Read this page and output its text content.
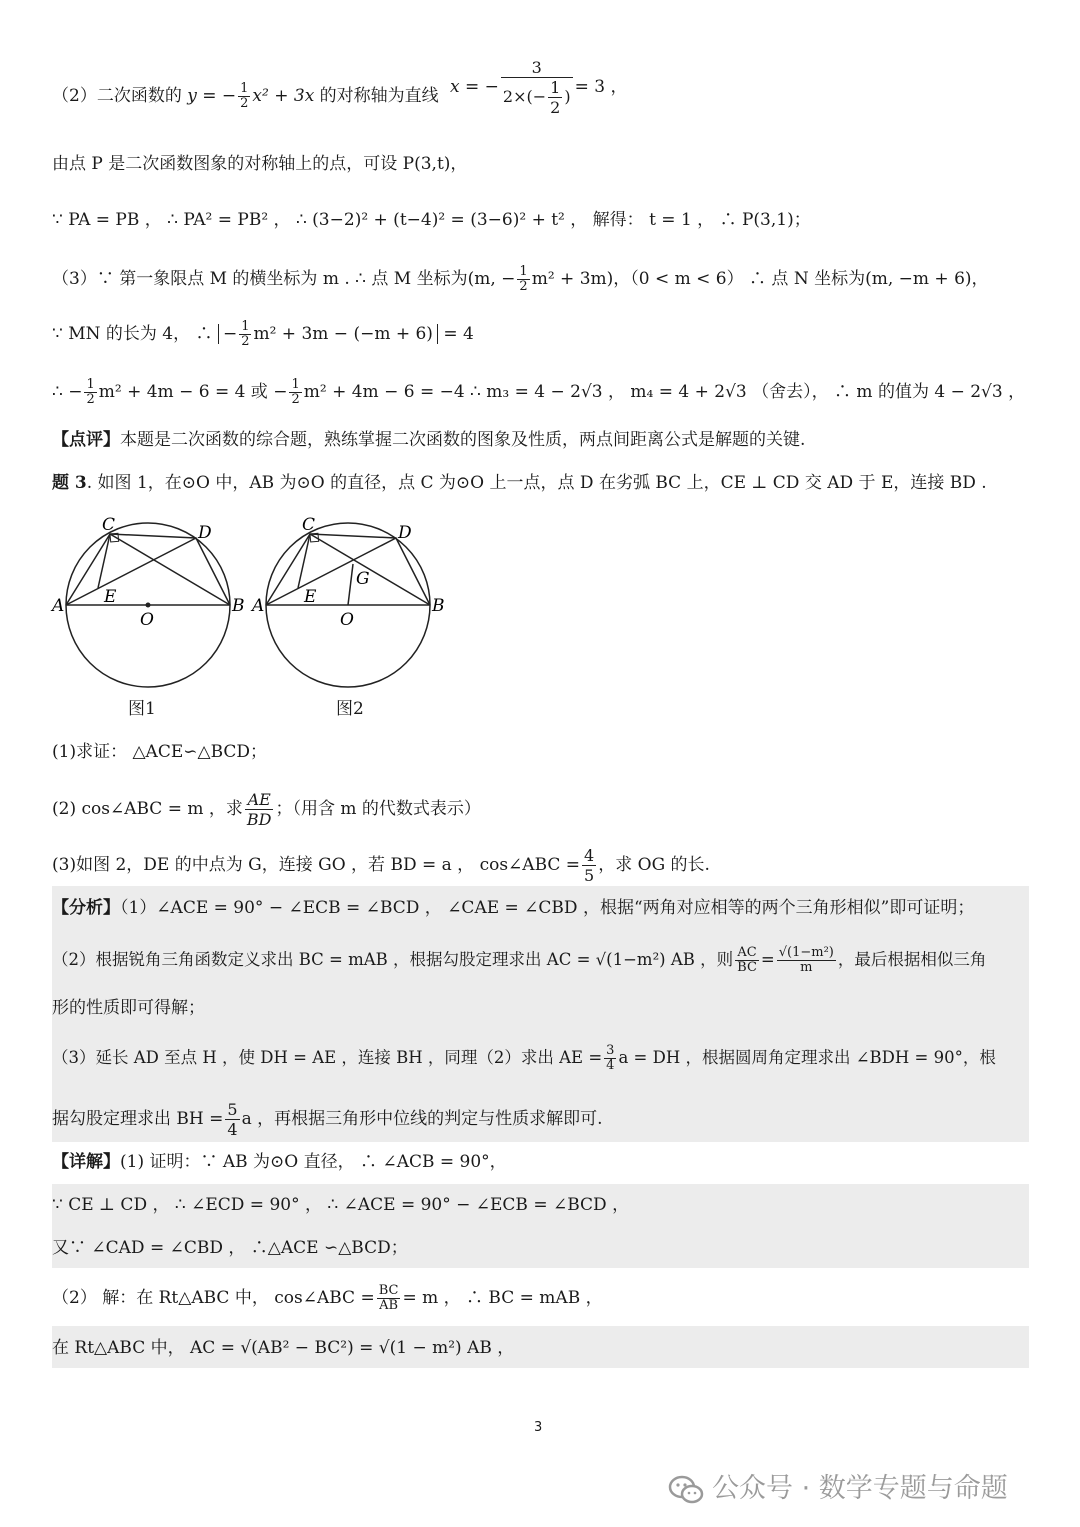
（2）二次函数的 y = − $\frac{1}{2} x^2 + 3x$ 的对称轴为直线 x = − $\frac{3}{2\times(- \frac{1}{2} )} = 3$ ，
由点 P 是二次函数图象的对称轴上的点，可设 P(3,t)，
∵ PA = PB ， ∴ PA² = PB² ， ∴ (3−2)² + (t−4)² = (3−6)² + t² ， 解得： t = 1 ， ∴ P(3,1)；
（3）∵ 第一象限点 M 的横坐标为 m . ∴ 点 M 坐标为(m, − $\frac{1}{2} m^2 + 3m$)，（0 < m < 6） ∴ 点 N 坐标为(m, −m + 6)，
∵ MN 的长为 4， ∴ − $\frac{1}{2} m^2 + 3m - (-m + 6) = 4$
∴ − $\frac{1}{2} m^2 + 4m - 6 = 4$ 或 − $\frac{1}{2} m^2 + 4m - 6 = -4$ ∴ m₃ = 4 − 2√3 ， m₄ = 4 + 2√3 （舍去）， ∴ m 的值为 4 − 2√3 ，
【点评】本题是二次函数的综合题，熟练掌握二次函数的图象及性质，两点间距离公式是解题的关键.
题 3. 如图 1，在⊙O 中，AB 为⊙O 的直径，点 C 为⊙O 上一点，点 D 在劣弧 BC 上，CE ⊥ CD 交 AD 于 E，连接 BD .
A	B
C	D
E
O
A	B
C	D
E
G
O
图1	图2
(1)求证： △ACE∽△BCD；
(2) cos∠ABC = m ，求 $\frac{AE}{BD}$ ；（用含 m 的代数式表示）
(3)如图 2，DE 的中点为 G，连接 GO ，若 BD = a ， cos∠ABC = $\frac{4}{5}$ ，求 OG 的长.
【分析】（1）∠ACE = 90° − ∠ECB = ∠BCD ， ∠CAE = ∠CBD ，根据“两角对应相等的两个三角形相似”即可证明；
（2）根据锐角三角函数定义求出 BC = mAB ，根据勾股定理求出 AC = √(1−m²) AB ，则 $\frac{AC}{BC} = \frac{\text{√(1−m²)}}{m}$ ，最后根据相似三角
形的性质即可得解；
（3）延长 AD 至点 H ，使 DH = AE ，连接 BH ，同理（2）求出 AE = $\frac{3}{4}$ a = DH ，根据圆周角定理求出 ∠BDH = 90°，根
据勾股定理求出 BH = $\frac{5}{4}$ a ，再根据三角形中位线的判定与性质求解即可.
【详解】(1) 证明：∵ AB 为⊙O 直径， ∴ ∠ACB = 90°，
∵ CE ⊥ CD ， ∴ ∠ECD = 90° ， ∴ ∠ACE = 90° − ∠ECB = ∠BCD ，
又∵ ∠CAD = ∠CBD ， ∴△ACE ∽△BCD；
（2） 解：在 Rt△ABC 中， cos∠ABC = $\frac{BC}{AB} = m$ ， ∴ BC = mAB ，
在 Rt△ABC 中， AC = √(AB² − BC²) = √(1 − m²) AB ，
3
公众号 · 数学专题与命题
